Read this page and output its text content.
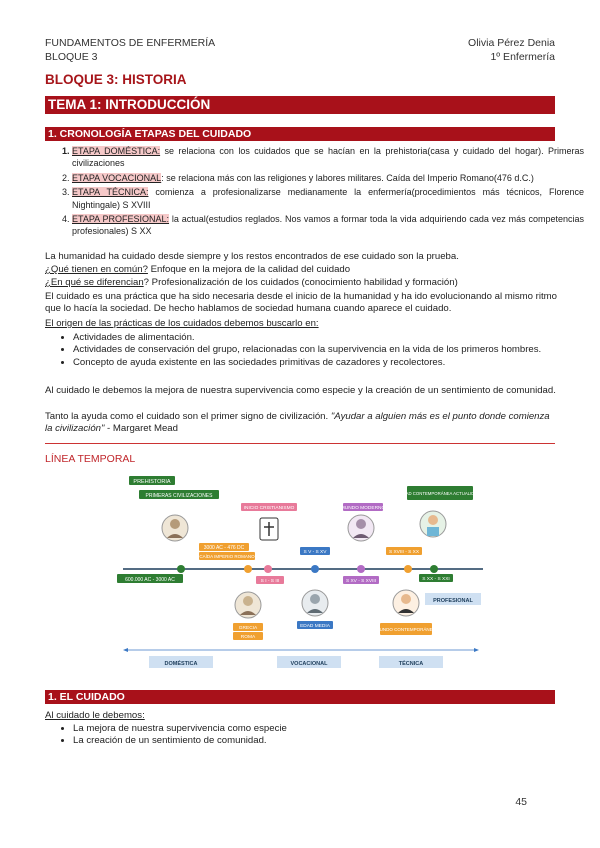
FUNDAMENTOS DE ENFERMERÍA
BLOQUE 3
Olivia Pérez Denia
1º Enfermería
BLOQUE 3: HISTORIA
TEMA 1: INTRODUCCIÓN
1. CRONOLOGÍA ETAPAS DEL CUIDADO
1. ETAPA DOMÉSTICA: se relaciona con los cuidados que se hacían en la prehistoria(casa y cuidado del hogar). Primeras civilizaciones
2. ETAPA VOCACIONAL: se relaciona más con las religiones y labores militares. Caída del Imperio Romano(476 d.C.)
3. ETAPA TÉCNICA: comienza a profesionalizarse medianamente la enfermería(procedimientos más técnicos, Florence Nightingale) S XVIII
4. ETAPA PROFESIONAL: la actual(estudios reglados. Nos vamos a formar toda la vida adquiriendo cada vez más competencias profesionales) S XX
La humanidad ha cuidado desde siempre y los restos encontrados de ese cuidado son la prueba.
¿Qué tienen en común? Enfoque en la mejora de la calidad del cuidado
¿En qué se diferencian? Profesionalización de los cuidados (conocimiento habilidad y formación)
El cuidado es una práctica que ha sido necesaria desde el inicio de la humanidad y ha ido evolucionando al mismo ritmo que lo hacía la sociedad. De hecho hablamos de sociedad humana cuando aparece el cuidado.
El origen de las prácticas de los cuidados debemos buscarlo en:
• Actividades de alimentación.
• Actividades de conservación del grupo, relacionadas con la supervivencia en la vida de los primeros hombres.
• Concepto de ayuda existente en las sociedades primitivas de cazadores y recolectores.
Al cuidado le debemos la mejora de nuestra supervivencia como especie y la creación de un sentimiento de comunidad.
Tanto la ayuda como el cuidado son el primer signo de civilización. "Ayudar a alguien más es el punto donde comienza la civilización" - Margaret Mead
LÍNEA TEMPORAL
PREHISTORIA
PRIMERAS CIVILIZACIONES
3000 AC - 476 DC
CAÍDA IMPERIO ROMANO
600.000 AC - 3000 AC
INICIO CRISTIANISMO
S I - S III
GRECIA
ROMA
S V - S XV
EDAD MEDIA
MUNDO MODERNO
S XV - S XVIII
S XVIII - S XX
MUNDO CONTEMPORÁNEO
EDAD CONTEMPORÁNEA ACTUALIDAD
S XX - S XXI
PROFESIONAL
DOMÉSTICA	VOCACIONAL	TÉCNICA
1. EL CUIDADO
Al cuidado le debemos:
• La mejora de nuestra supervivencia como especie
• La creación de un sentimiento de comunidad.
45
